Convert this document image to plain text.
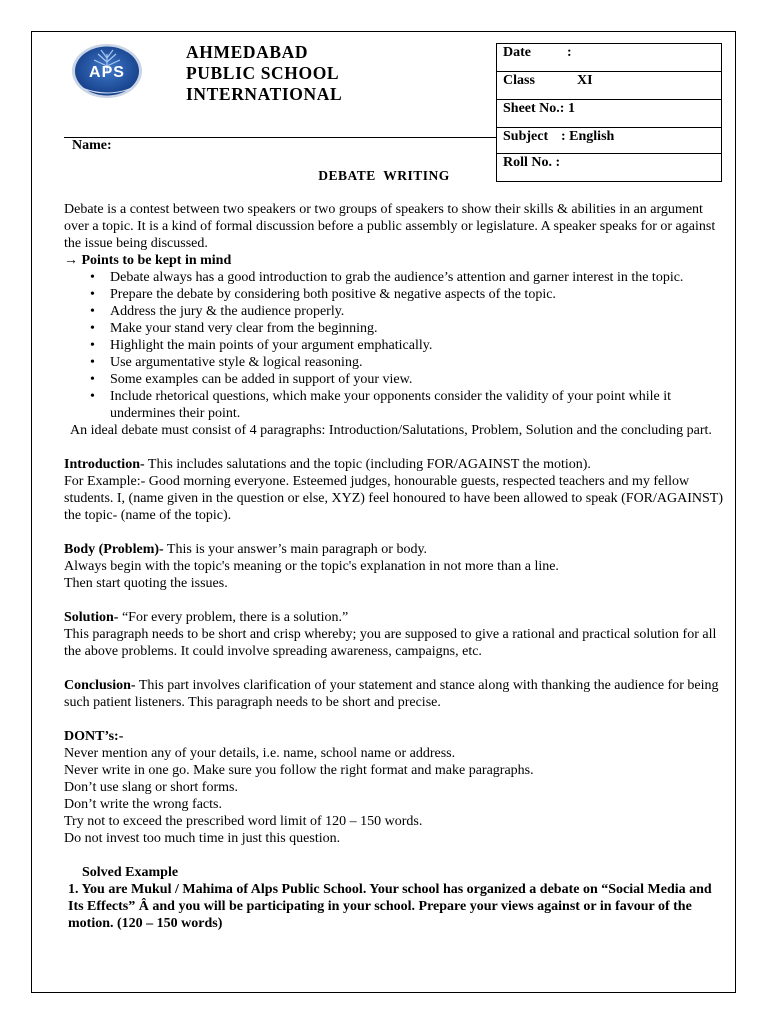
APS
AHMEDABAD
PUBLIC SCHOOL
INTERNATIONAL
Name:
Date	:
Class	XI
Sheet No.: 1
Subject : English
Roll No. :
DEBATE  WRITING

Debate is a contest between two speakers or two groups of speakers to show their skills & abilities in an argument over a topic. It is a kind of formal discussion before a public assembly or legislature. A speaker speaks for or against the issue being discussed.

→ Points to be kept in mind

• Debate always has a good introduction to grab the audience’s attention and garner interest in the topic.
• Prepare the debate by considering both positive & negative aspects of the topic.
• Address the jury & the audience properly.
• Make your stand very clear from the beginning.
• Highlight the main points of your argument emphatically.
• Use argumentative style & logical reasoning.
• Some examples can be added in support of your view.
• Include rhetorical questions, which make your opponents consider the validity of your point while it undermines their point.

An ideal debate must consist of 4 paragraphs: Introduction/Salutations, Problem, Solution and the concluding part.

Introduction- This includes salutations and the topic (including FOR/AGAINST the motion).

For Example:- Good morning everyone. Esteemed judges, honourable guests, respected teachers and my fellow students. I, (name given in the question or else, XYZ) feel honoured to have been allowed to speak (FOR/AGAINST) the topic- (name of the topic).

Body (Problem)- This is your answer’s main paragraph or body.

Always begin with the topic's meaning or the topic's explanation in not more than a line.

Then start quoting the issues.

Solution- “For every problem, there is a solution.”

This paragraph needs to be short and crisp whereby; you are supposed to give a rational and practical solution for all the above problems. It could involve spreading awareness, campaigns, etc.

Conclusion- This part involves clarification of your statement and stance along with thanking the audience for being such patient listeners. This paragraph needs to be short and precise.

DONT’s:-

Never mention any of your details, i.e. name, school name or address.

Never write in one go. Make sure you follow the right format and make paragraphs.

Don’t use slang or short forms.

Don’t write the wrong facts.

Try not to exceed the prescribed word limit of 120 – 150 words.

Do not invest too much time in just this question.

Solved Example

1. You are Mukul / Mahima of Alps Public School. Your school has organized a debate on “Social Media and Its Effects” Â and you will be participating in your school. Prepare your views against or in favour of the motion. (120 – 150 words)
